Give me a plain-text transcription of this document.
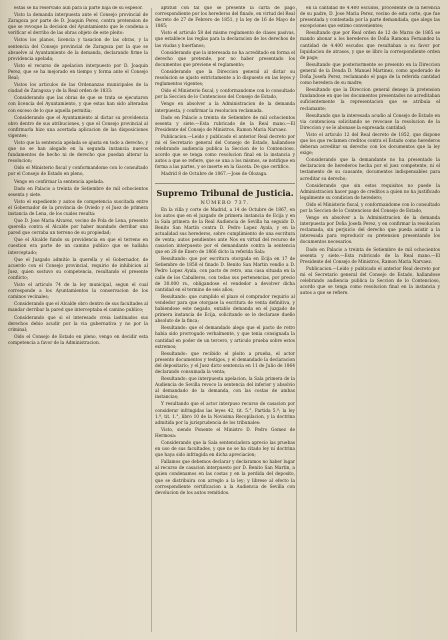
estas se ha reservado aun para la parte baja de su espesor.

Visto la demanda interpuesta ante el Consejo provincial de Zaragoza por parte de D. Joaquin Perez, contra pretension de que se revoque la decision del Ayuntamiento que le condena a verificar el derribo de las obras objeto de este pleito:

Vistos los planos, licencia y tasacion de las obras, y la sentencia del Consejo provincial de Zaragoza por la que se absuelve al Ayuntamiento de la demanda, declarando firme la providencia apelada;

Visto el recurso de apelacion interpuesto por D. Joaquin Perez, que se ha mejorado en tiempo y forma ante el Consejo Real;

Vistos los articulos de las Ordenanzas municipales de la ciudad de Zaragoza y de la Real orden de 1833:

Considerando que las obras de que se trata se ejecutaron con licencia del Ayuntamiento, y que estas han sido alteradas con exceso de lo que aquella permitia;

Considerando que el Ayuntamiento al dictar su providencia obro dentro de sus atribuciones, y que el Consejo provincial al confirmarla hizo una acertada aplicacion de las disposiciones vigentes;

Visto que la sentencia apelada se ajusta en todo a derecho, y que no se han alegado en la segunda instancia nuevos fundamentos de hecho ni de derecho que puedan alterar la resolucion;

Oido el Ministerio fiscal y conformandome con lo consultado por el Consejo de Estado en pleno,

Vengo en confirmar la sentencia apelada.

Dado en Palacio a treinta de Setiembre de mil ochocientos sesenta y siete.

Visto el expediente y autos de competencia suscitada entre el Gobernador de la provincia de Oviedo y el Juez de primera instancia de Lena, de los cuales resulta:

Que D. Jose Maria Alvarez, vecino de Pola de Lena, presento querella contra el Alcalde por haber mandado derribar una pared que cerraba un terreno de su propiedad;

Que el Alcalde fundo su providencia en que el terreno en cuestion era parte de un camino publico que se hallaba interceptado;

Que el Juzgado admitio la querella y el Gobernador, de acuerdo con el Consejo provincial, requirio de inhibicion al Juez, quien sostuvo su competencia, resultando el presente conflicto;

Visto el articulo 74 de la ley municipal, segun el cual corresponde a los Ayuntamientos la conservacion de los caminos vecinales;

Considerando que el Alcalde obro dentro de sus facultades al mandar derribar la pared que interceptaba el camino publico;

Considerando que si el interesado creia lastimados sus derechos debio acudir por la via gubernativa y no por la criminal;

Oido el Consejo de Estado en pleno, vengo en decidir esta competencia a favor de la Administracion.

aptitud con tal que se presente la carta de pago correspondiente por los herederos del finado, en virtud del Real decreto de 27 de Febrero de 1851, y la ley de 16 de Mayo de 1865;

Visto el articulo 58 del mismo reglamento de clases pasivas, que establece las reglas para la declaracion de los derechos de las viudas y huerfanos;

Considerando que la interesada no ha acreditado en forma el derecho que pretende, por no haber presentado los documentos que previene el reglamento;

Considerando que la Direccion general al dictar su resolucion se ajusto estrictamente a lo dispuesto en las leyes y reglamentos vigentes;

Oido el Ministerio fiscal, y conformandome con lo consultado por la Seccion de lo Contencioso del Consejo de Estado,

Vengo en absolver a la Administracion de la demanda interpuesta, y confirmar la resolucion reclamada.

Dado en Palacio a treinta de Setiembre de mil ochocientos sesenta y siete.—Esta rubricado de la Real mano.—El Presidente del Consejo de Ministros, Ramon Maria Narvaez.

Publicacion.—Leido y publicado el anterior Real decreto por mi el Secretario general del Consejo de Estado, hallandose celebrando audiencia publica la Seccion de lo Contencioso, acordo que se tenga como resolucion final en la instancia y autos a que se refiere, que se una a los mismos, se notifique en forma a las partes, y se inserte en la Gaceta. De que certifico.

Madrid 8 de Octubre de 1867.—Jose de Olozaga.

Supremo Tribunal de Justicia.

NÚMERO 737.

En la villa y corte de Madrid, a 14 de Octubre de 1867, en los autos que en el juzgado de primera instancia de Ecija y en la Sala primera de la Real Audiencia de Sevilla ha seguido D. Benito San Martin contra D. Pedro Lopez Ayala, y en la actualidad sus herederos, sobre cumplimiento de una escritura de venta; autos pendientes ante Nos en virtud del recurso de casacion interpuesto por el demandante contra la sentencia que en 28 de Enero de 1866 dicto la referida Sala:

Resultando: que por escritura otorgada en Ecija en 17 de Setiembre de 1858 el finado D. Benito San Martin vendio a D. Pedro Lopez Ayala, con pacto de retro, una casa situada en la calle de los Caballeros, con todas sus pertenencias, por precio de 30.000 rs., obligandose el vendedor a devolver dicha cantidad en el termino de seis años;

Resultando: que cumplido el plazo el comprador requirio al vendedor para que otorgase la escritura de venta definitiva, y habiendose este negado, entablo demanda en el juzgado de primera instancia de Ecija, solicitando se le declarase dueño absoluto de la finca;

Resultando: que el demandado alego que el pacto de retro habia sido prorrogado verbalmente, y que tenia consignada la cantidad en poder de un tercero, y articulo prueba sobre estos extremos;

Resultando: que recibido el pleito a prueba, el actor presento documentos y testigos, y el demandado la declaracion del depositario; y el Juez dicto sentencia en 11 de Julio de 1864 declarando consumada la venta;

Resultando: que interpuesta apelacion, la Sala primera de la Audiencia de Sevilla revoco la sentencia del inferior y absolvio al demandado de la demanda, con las costas de ambas instancias;

Y resultando que el actor interpuso recurso de casacion por considerar infringidas las leyes 42, tit. 5.°, Partida 5.ª; la ley 1.ª, tit. 1.°, libro 10 de la Novisima Recopilacion, y la doctrina admitida por la jurisprudencia de los tribunales:

Visto, siendo Ponente el Ministro D. Pedro Gomez de Hermosa:

Considerando que la Sala sentenciadora aprecio las pruebas en uso de sus facultades, y que no se ha citado ley ni doctrina que haya sido infringida en dicha apreciacion;

Fallamos que debemos declarar y declaramos no haber lugar al recurso de casacion interpuesto por D. Benito San Martin, a quien condenamos en las costas y en la perdida del deposito, que se distribuira con arreglo a la ley; y librese al efecto la correspondiente certificacion a la Audiencia de Sevilla con devolucion de los autos remitidos.

en la cantidad de 4.400 escudos, procedente de la herencia de su padre, D. Jose Maria Perez, vecino de esta corte, que fue presentada y contestada por la parte demandada, que alego las excepciones que estimo convenientes;

Resultando que por Real orden de 12 de Marzo de 1865 se mando abonar a los herederos de Doña Ramona Fernandez la cantidad de 4.400 escudos que resultaban a su favor por liquidacion de atrasos, y que se libro la correspondiente orden de pago;

Resultando que posteriormente se presento en la Direccion general de la Deuda D. Manuel Martinez, como apoderado de Doña Josefa Perez, reclamando el pago de la referida cantidad como heredera de su madre;

Resultando que la Direccion general denego la pretension fundandose en que los documentos presentados no acreditaban suficientemente la representacion que se atribuia el reclamante;

Resultando que la interesada acudio al Consejo de Estado en via contenciosa solicitando se revocase la resolucion de la Direccion y se le abonase la expresada cantidad;

Visto el articulo 12 del Real decreto de 1852, que dispone que los que reclamen creditos contra el Estado como herederos deberan acreditar su derecho con los documentos que la ley exige;

Considerando que la demandante no ha presentado la declaracion de herederos hecha por el juez competente, ni el testamento de su causante, documentos indispensables para acreditar su derecho;

Considerando que sin estos requisitos no puede la Administracion hacer pago de creditos a quien no ha justificado legalmente su condicion de heredero;

Oido el Ministerio fiscal, y conformandome con lo consultado por la Seccion de lo Contencioso del Consejo de Estado,

Vengo en absolver a la Administracion de la demanda interpuesta por Doña Josefa Perez, y en confirmar la resolucion reclamada, sin perjuicio del derecho que pueda asistir a la interesada para reproducir su pretension presentando los documentos necesarios.

Dado en Palacio a treinta de Setiembre de mil ochocientos sesenta y siete.—Esta rubricado de la Real mano.—El Presidente del Consejo de Ministros, Ramon Maria Narvaez.

Publicacion.—Leido y publicado el anterior Real decreto por mi el Secretario general del Consejo de Estado, hallandose celebrando audiencia publica la Seccion de lo Contencioso, acordo que se tenga como resolucion final en la instancia y autos a que se refiere.
